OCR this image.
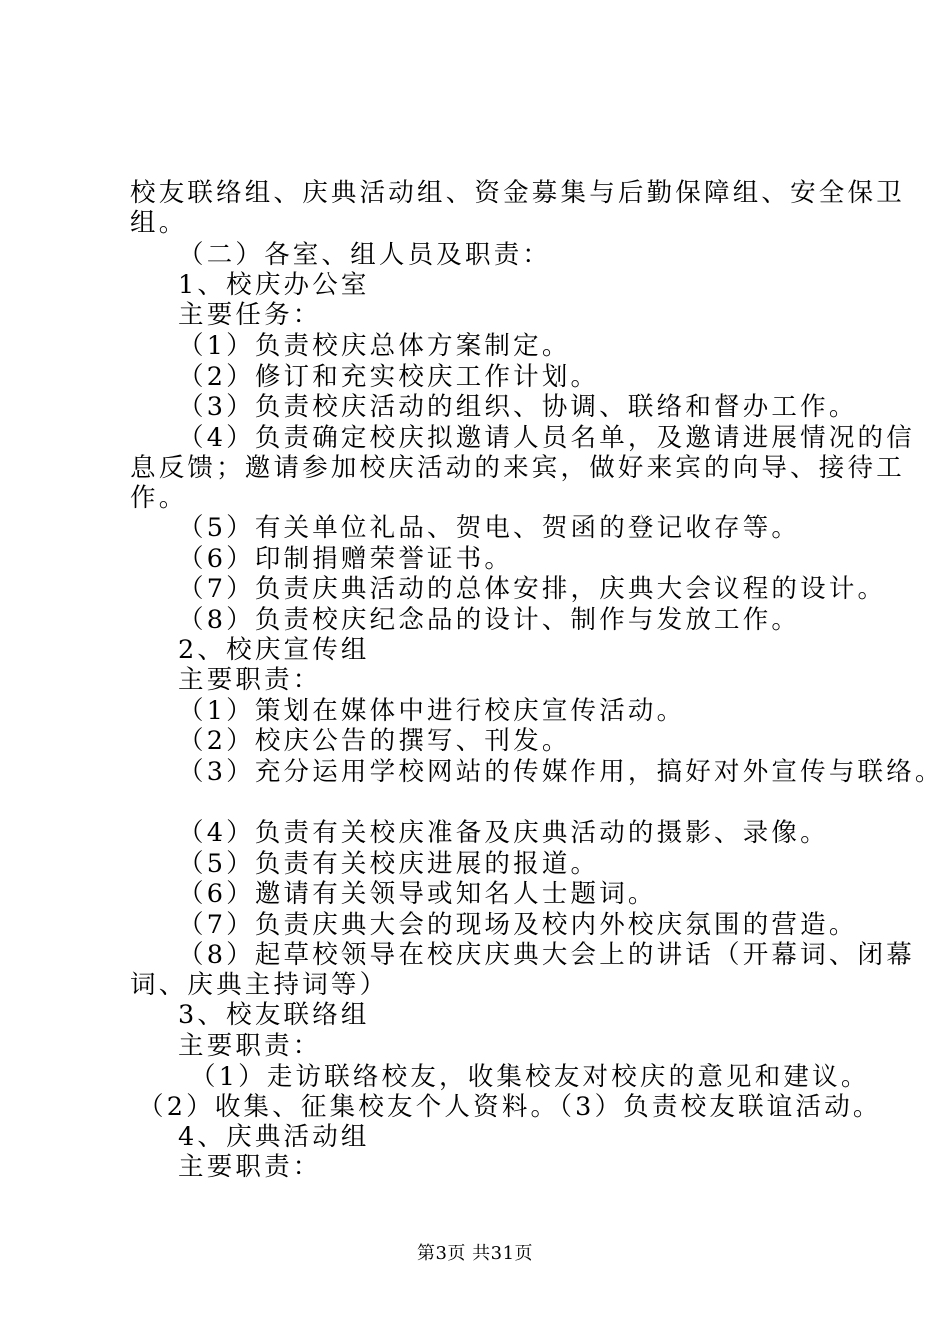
校友联络组、庆典活动组、资金募集与后勤保障组、安全保卫
组。
（二）各室、组人员及职责：
1、校庆办公室
主要任务：
（1）负责校庆总体方案制定。
（2）修订和充实校庆工作计划。
（3）负责校庆活动的组织、协调、联络和督办工作。
（4）负责确定校庆拟邀请人员名单，及邀请进展情况的信
息反馈；邀请参加校庆活动的来宾，做好来宾的向导、接待工
作。
（5）有关单位礼品、贺电、贺函的登记收存等。
（6）印制捐赠荣誉证书。
（7）负责庆典活动的总体安排，庆典大会议程的设计。
（8）负责校庆纪念品的设计、制作与发放工作。
2、校庆宣传组
主要职责：
（1）策划在媒体中进行校庆宣传活动。
（2）校庆公告的撰写、刊发。
（3）充分运用学校网站的传媒作用，搞好对外宣传与联络。
（4）负责有关校庆准备及庆典活动的摄影、录像。
（5）负责有关校庆进展的报道。
（6）邀请有关领导或知名人士题词。
（7）负责庆典大会的现场及校内外校庆氛围的营造。
（8）起草校领导在校庆庆典大会上的讲话（开幕词、闭幕
词、庆典主持词等）
3、校友联络组
主要职责：
（1）走访联络校友，收集校友对校庆的意见和建议。
（2）收集、征集校友个人资料。（3）负责校友联谊活动。
4、庆典活动组
主要职责：
第3页 共31页
